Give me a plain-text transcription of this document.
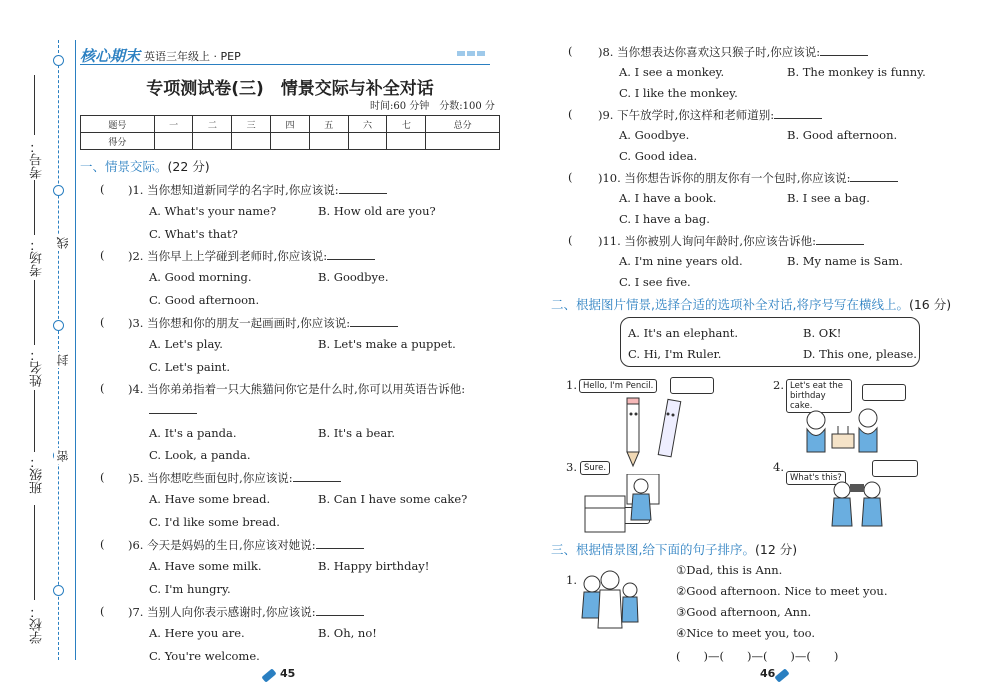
考号：
考场：
姓名：
班级：
学校：
线
封
密
核心期末 英语三年级上 · PEP
专项测试卷(三)　情景交际与补全对话
时间:60 分钟　分数:100 分
题号	一	二	三	四	五	六	七	总分
得分								
一、情景交际。(22 分)
( )1. 当你想知道新同学的名字时,你应该说:
A. What's your name?	B. How old are you?
C. What's that?
( )2. 当你早上上学碰到老师时,你应该说:
A. Good morning.	B. Goodbye.
C. Good afternoon.
( )3. 当你想和你的朋友一起画画时,你应该说:
A. Let's play.	B. Let's make a puppet.
C. Let's paint.
( )4. 当你弟弟指着一只大熊猫问你它是什么时,你可以用英语告诉他:
A. It's a panda.	B. It's a bear.
C. Look, a panda.
( )5. 当你想吃些面包时,你应该说:
A. Have some bread.	B. Can I have some cake?
C. I'd like some bread.
( )6. 今天是妈妈的生日,你应该对她说:
A. Have some milk.	B. Happy birthday!
C. I'm hungry.
( )7. 当别人向你表示感谢时,你应该说:
A. Here you are.	B. Oh, no!
C. You're welcome.
( )8. 当你想表达你喜欢这只猴子时,你应该说:
A. I see a monkey.	B. The monkey is funny.
C. I like the monkey.
( )9. 下午放学时,你这样和老师道别:
A. Goodbye.	B. Good afternoon.
C. Good idea.
( )10. 当你想告诉你的朋友你有一个包时,你应该说:
A. I have a book.	B. I see a bag.
C. I have a bag.
( )11. 当你被别人询问年龄时,你应该告诉他:
A. I'm nine years old.	B. My name is Sam.
C. I see five.
二、根据图片情景,选择合适的选项补全对话,将序号写在横线上。(16 分)
A. It's an elephant.	B. OK!
C. Hi, I'm Ruler.	D. This one, please.
1. Hello, I'm Pencil.	2. Let's eat the birthday cake.
3. Sure.	4.
What's this?
三、根据情景图,给下面的句子排序。(12 分)
1.
①Dad, this is Ann.
②Good afternoon. Nice to meet you.
③Good afternoon, Ann.
④Nice to meet you, too.
(　　)—(　　)—(　　)—(　　)
45	46
